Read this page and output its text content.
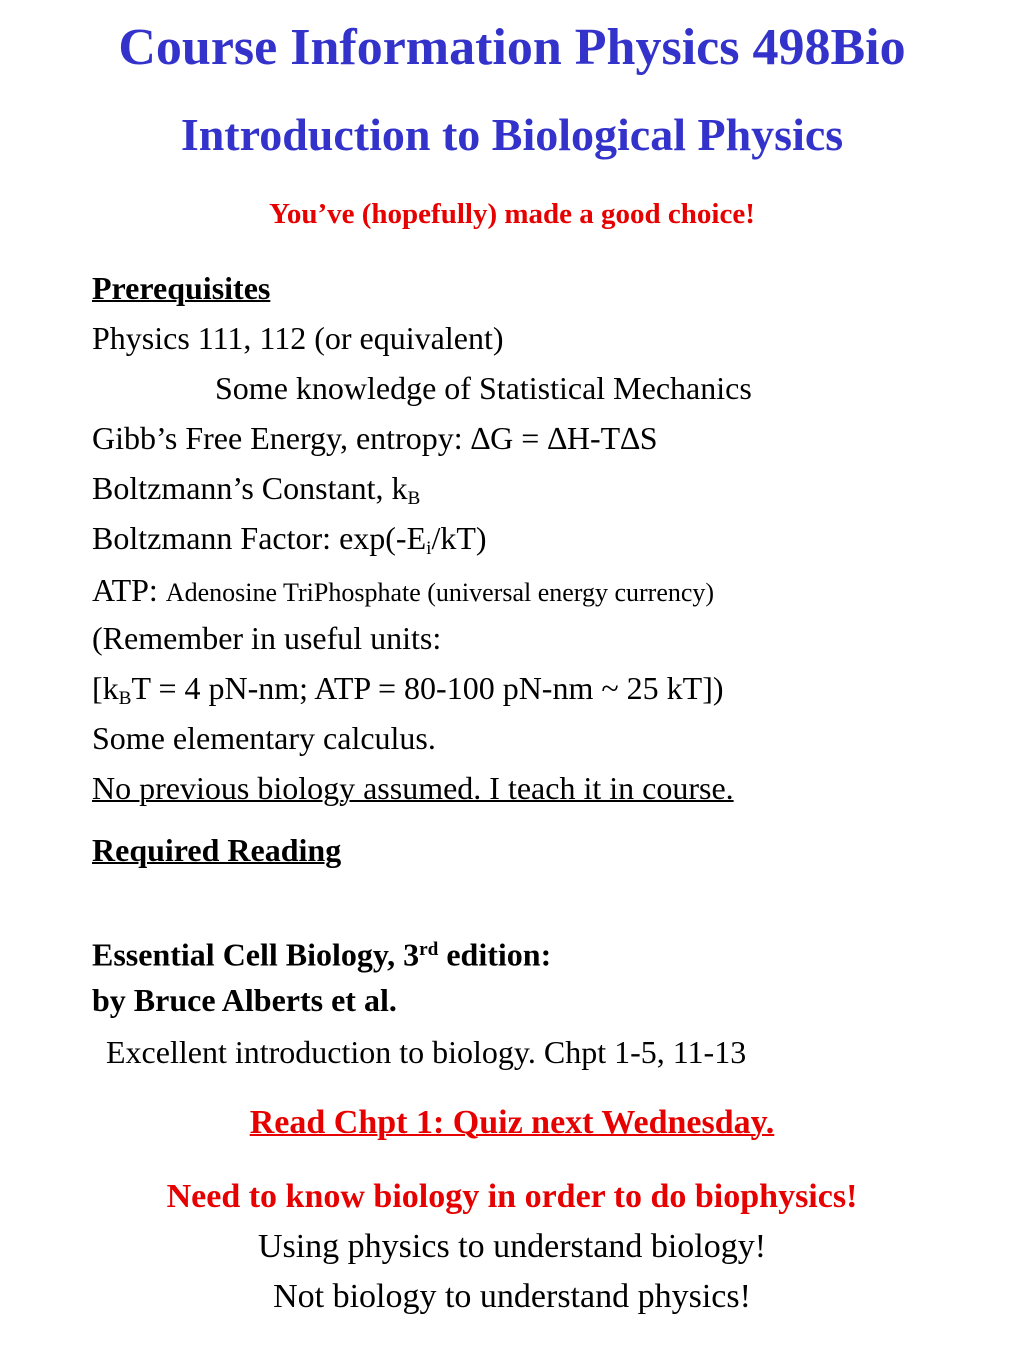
Course Information Physics 498Bio
Introduction to Biological Physics
You’ve (hopefully) made a good choice!
Prerequisites
Physics 111, 112 (or equivalent)
Some knowledge of Statistical Mechanics
Gibb’s Free Energy, entropy: ∆G = ∆H-T∆S
Boltzmann’s Constant, $k_B$
Boltzmann Factor: $\exp(-E_i/kT)$
ATP: Adenosine TriPhosphate (universal energy currency)
(Remember in useful units:
[$k_BT = 4$ pN-nm; ATP = 80-100 pN-nm ~ 25 kT])
Some elementary calculus.
No previous biology assumed. I teach it in course.
Required Reading
Essential Cell Biology, 3rd edition:
by Bruce Alberts et al.
Excellent introduction to biology. Chpt 1-5, 11-13
Read Chpt 1: Quiz next Wednesday.
Need to know biology in order to do biophysics!
Using physics to understand biology!
Not biology to understand physics!
